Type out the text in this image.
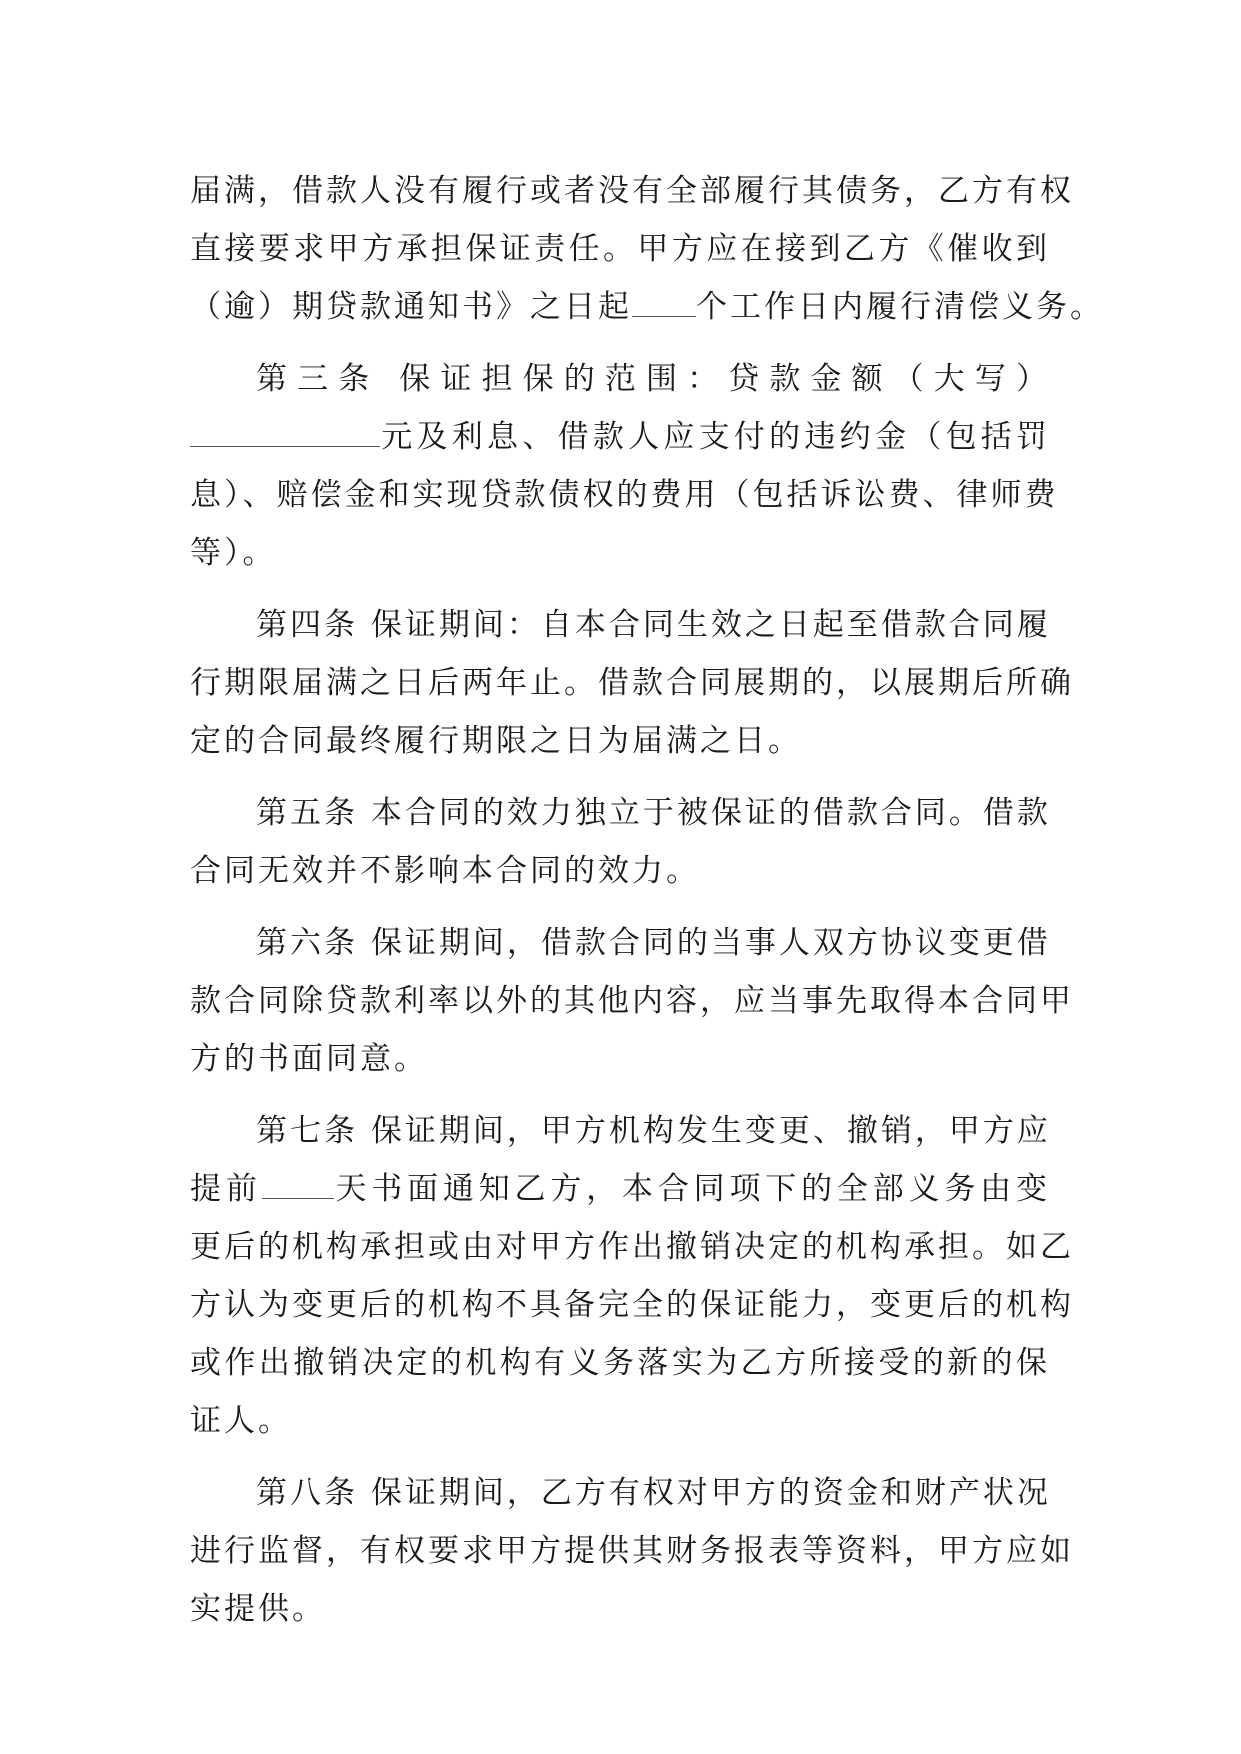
届满，借款人没有履行或者没有全部履行其债务，乙方有权
直接要求甲方承担保证责任。甲方应在接到乙方《催收到
（逾）期贷款通知书》之日起 个工作日内履行清偿义务。
第三条 保证担保的范围：贷款金额（大写）
元及利息、借款人应支付的违约金（包括罚
息）、赔偿金和实现贷款债权的费用（包括诉讼费、律师费
等）。
第四条 保证期间：自本合同生效之日起至借款合同履
行期限届满之日后两年止。借款合同展期的，以展期后所确
定的合同最终履行期限之日为届满之日。
第五条 本合同的效力独立于被保证的借款合同。借款
合同无效并不影响本合同的效力。
第六条 保证期间，借款合同的当事人双方协议变更借
款合同除贷款利率以外的其他内容，应当事先取得本合同甲
方的书面同意。
第七条 保证期间，甲方机构发生变更、撤销，甲方应
提前 天书面通知乙方，本合同项下的全部义务由变
更后的机构承担或由对甲方作出撤销决定的机构承担。如乙
方认为变更后的机构不具备完全的保证能力，变更后的机构
或作出撤销决定的机构有义务落实为乙方所接受的新的保
证人。
第八条 保证期间，乙方有权对甲方的资金和财产状况
进行监督，有权要求甲方提供其财务报表等资料，甲方应如
实提供。
